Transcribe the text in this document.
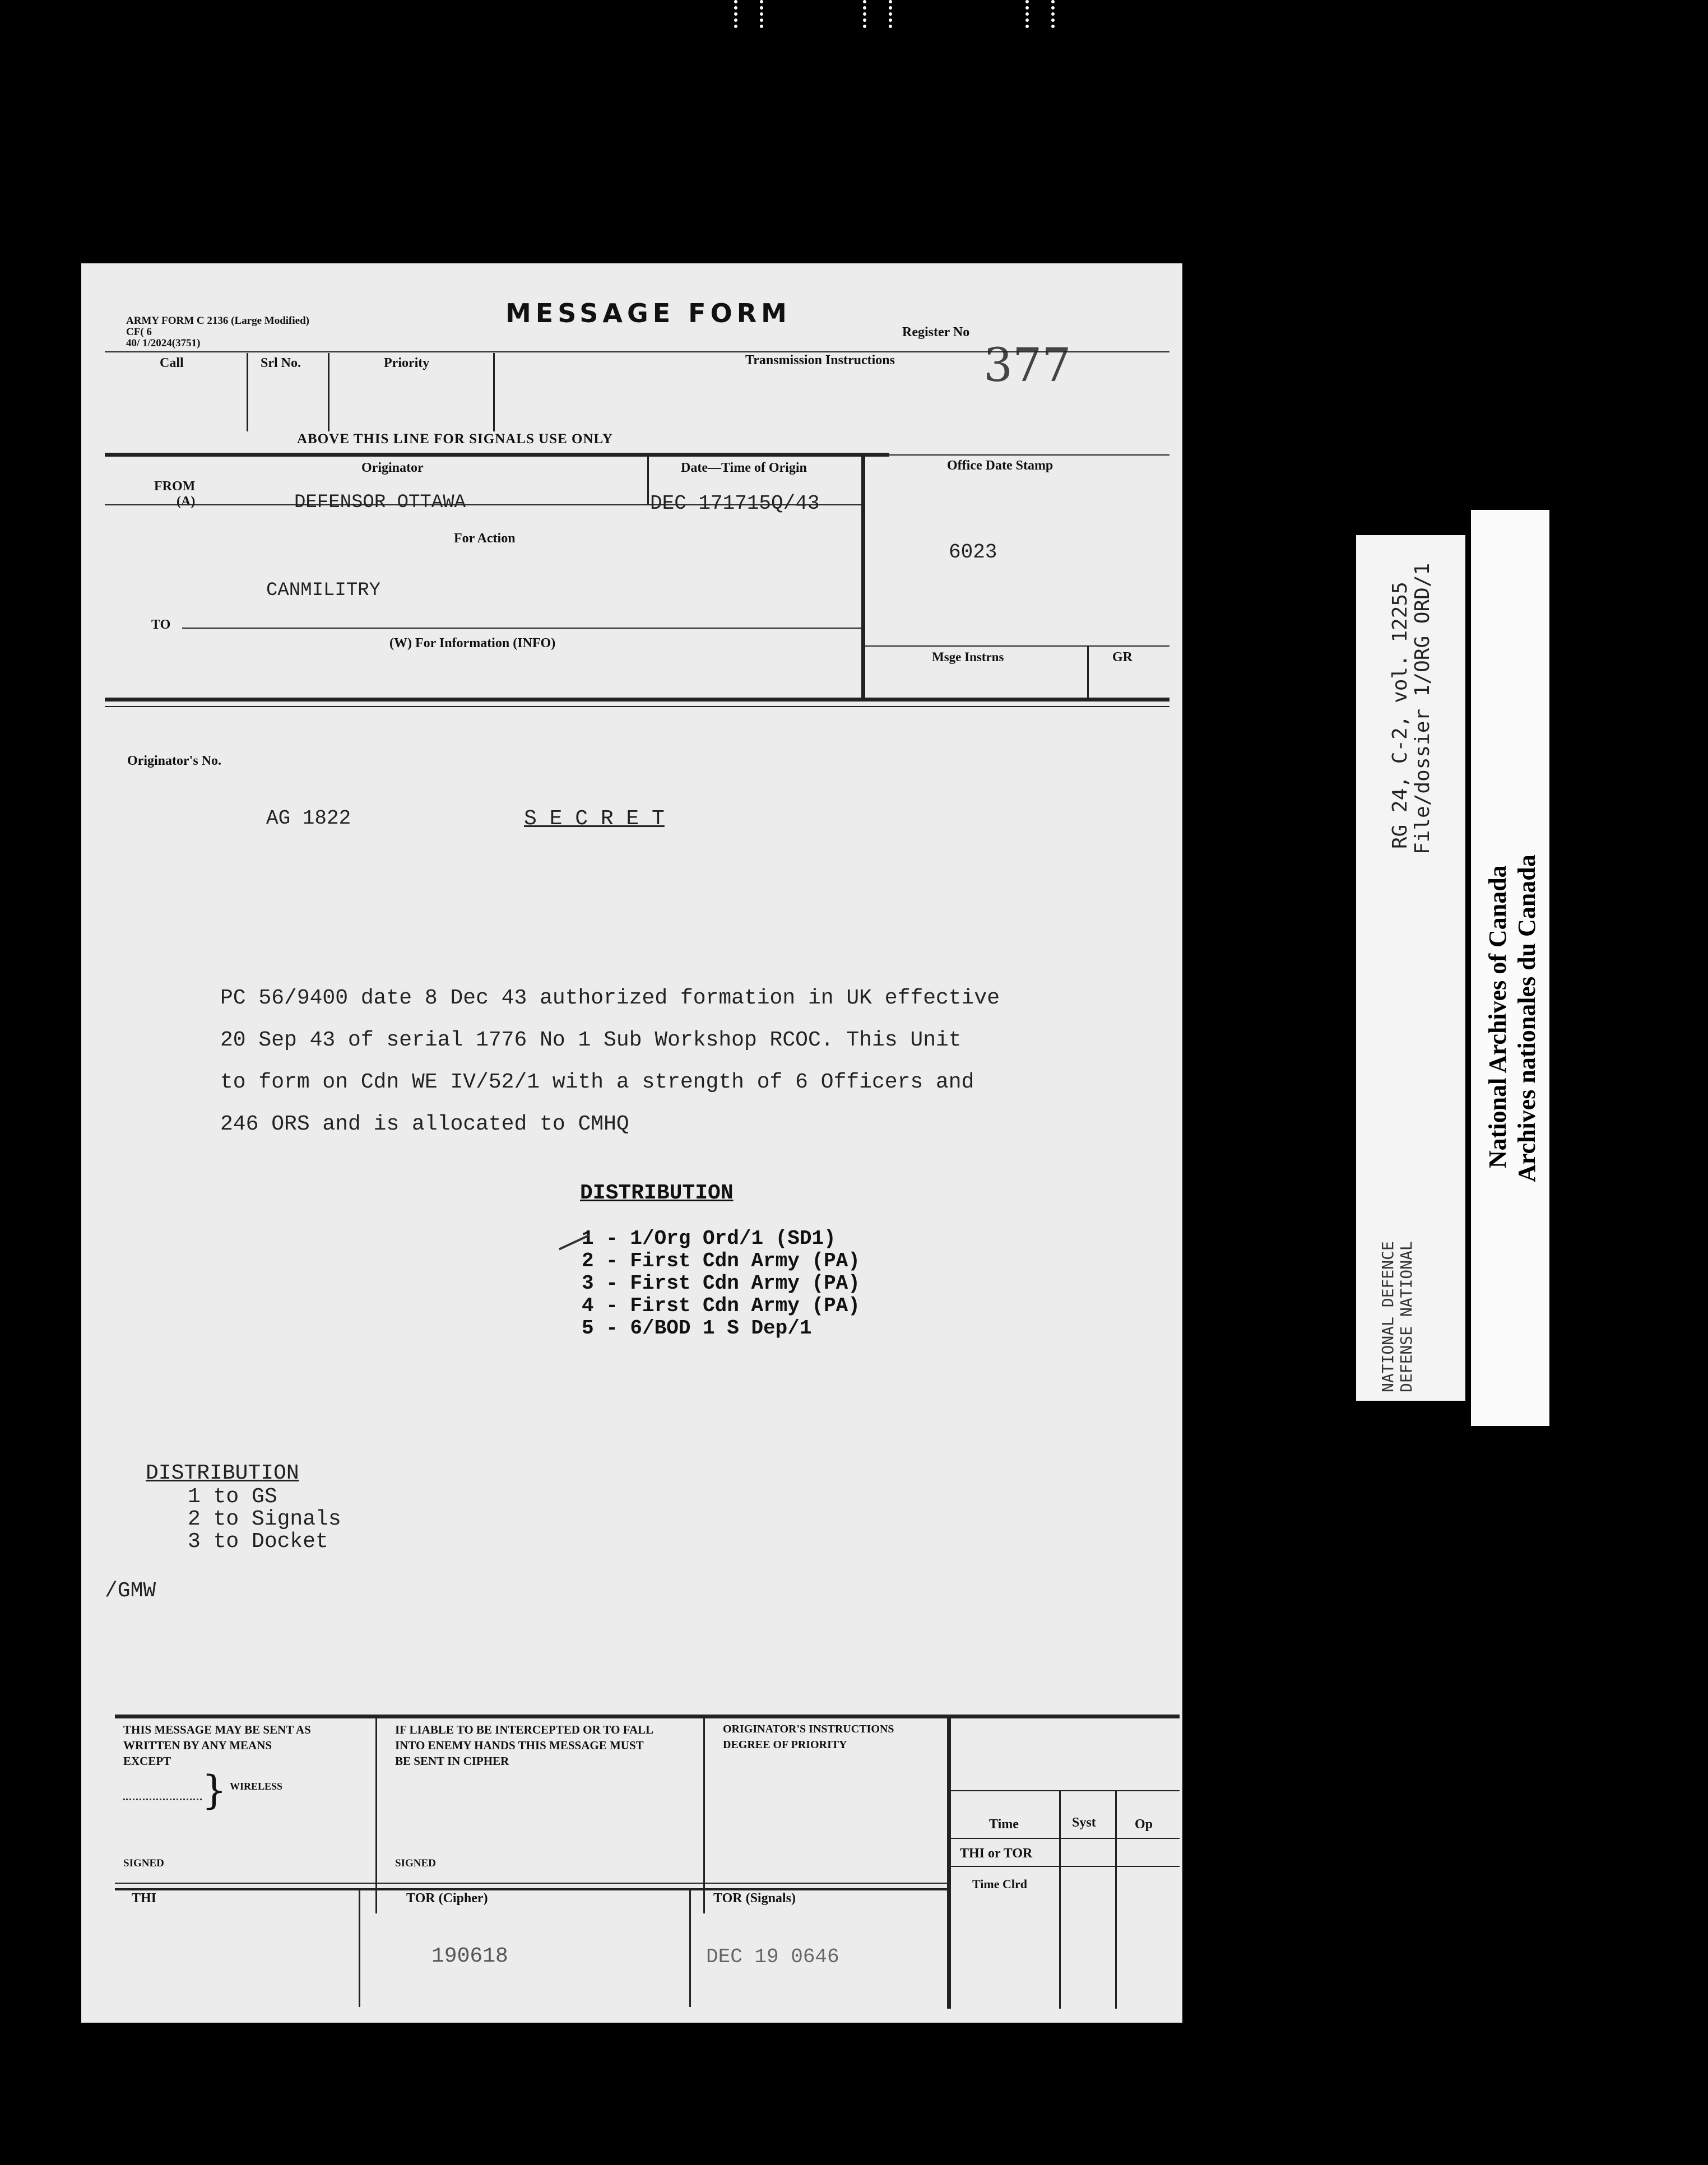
ARMY FORM C 2136 (Large Modified)
CF( 6
40/ 1/2024(3751)
MESSAGE FORM
Register No
377
Call	Srl No.	Priority	Transmission Instructions
ABOVE THIS LINE FOR SIGNALS USE ONLY
Originator	Date—Time of Origin	Office Date Stamp
FROM
(A)	DEFENSOR OTTAWA	DEC 171715Q/43
6023
For Action
CANMILITRY
TO
(W) For Information (INFO)
Msge Instrns	GR
Originator's No.
AG 1822	S E C R E T
PC 56/9400 date 8 Dec 43 authorized formation in UK effective
20 Sep 43 of serial 1776 No 1 Sub Workshop RCOC. This Unit
to form on Cdn WE IV/52/1 with a strength of 6 Officers and
246 ORS and is allocated to CMHQ
DISTRIBUTION
1 - 1/Org Ord/1 (SD1)
2 - First Cdn Army (PA)
3 - First Cdn Army (PA)
4 - First Cdn Army (PA)
5 - 6/BOD 1 S Dep/1
DISTRIBUTION
1 to GS
2 to Signals
3 to Docket
/GMW
THIS MESSAGE MAY BE SENT AS
WRITTEN BY ANY MEANS
EXCEPT
} WIRELESS
IF LIABLE TO BE INTERCEPTED OR TO FALL
INTO ENEMY HANDS THIS MESSAGE MUST
BE SENT IN CIPHER
ORIGINATOR'S INSTRUCTIONS
DEGREE OF PRIORITY
SIGNED	SIGNED
Time	Syst	Op
THI or TOR
Time Clrd
THI	TOR (Cipher)
190618
TOR (Signals)
DEC 19 0646
RG 24, C-2, vol. 12255 File/dossier 1/ORG ORD/1
NATIONAL DEFENCE DEFENSE NATIONAL
National Archives of Canada Archives nationales du Canada
